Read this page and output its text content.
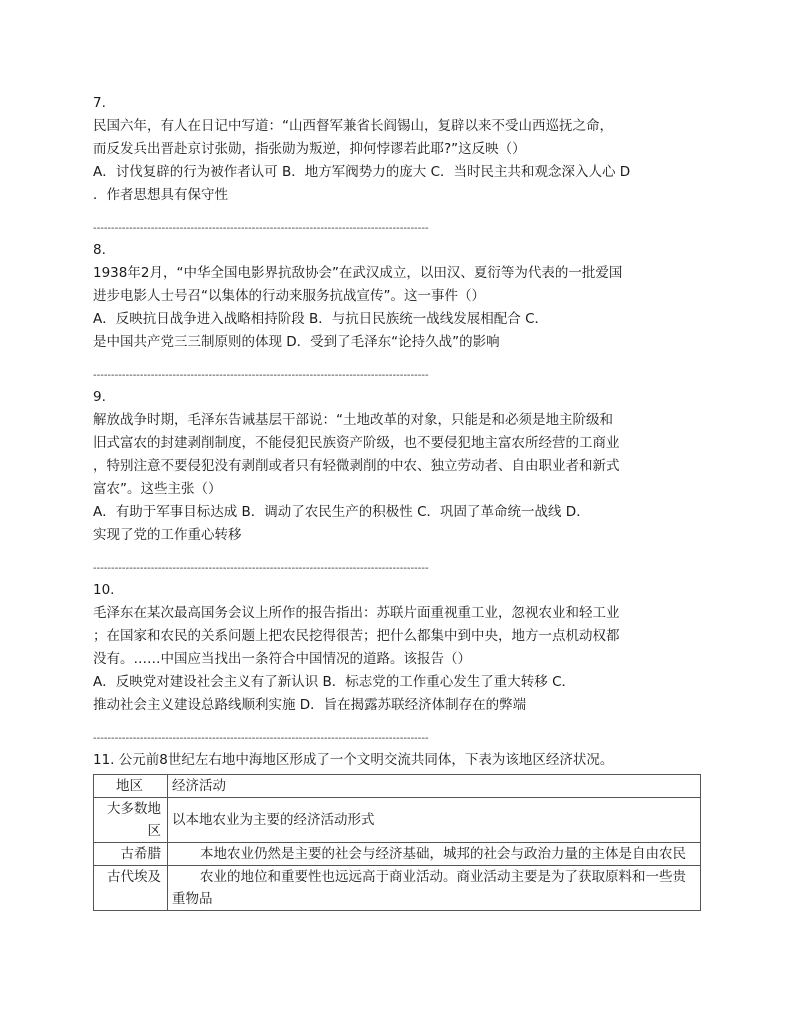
7.
民国六年，有人在日记中写道：“山西督军兼省长阎锡山，复辟以来不受山西巡抚之命，
而反发兵出晋赴京讨张勋，指张勋为叛逆，抑何悖谬若此耶?”这反映（）
A．讨伐复辟的行为被作者认可 B．地方军阀势力的庞大 C．当时民主共和观念深入人心 D
．作者思想具有保守性
---------------------------------------------------------------------------------------------
8.
1938年2月，“中华全国电影界抗敌协会”在武汉成立，以田汉、夏衍等为代表的一批爱国
进步电影人士号召“以集体的行动来服务抗战宣传”。这一事件（）
A．反映抗日战争进入战略相持阶段 B．与抗日民族统一战线发展相配合 C．
是中国共产党三三制原则的体现 D．受到了毛泽东“论持久战”的影响
---------------------------------------------------------------------------------------------
9.
解放战争时期，毛泽东告诫基层干部说：“土地改革的对象，只能是和必须是地主阶级和
旧式富农的封建剥削制度，不能侵犯民族资产阶级，也不要侵犯地主富农所经营的工商业
，特别注意不要侵犯没有剥削或者只有轻微剥削的中农、独立劳动者、自由职业者和新式
富农”。这些主张（）
A．有助于军事目标达成 B．调动了农民生产的积极性 C．巩固了革命统一战线 D．
实现了党的工作重心转移
---------------------------------------------------------------------------------------------
10.
毛泽东在某次最高国务会议上所作的报告指出：苏联片面重视重工业，忽视农业和轻工业
；在国家和农民的关系问题上把农民挖得很苦；把什么都集中到中央，地方一点机动权都
没有。……中国应当找出一条符合中国情况的道路。该报告（）
A．反映党对建设社会主义有了新认识 B．标志党的工作重心发生了重大转移 C．
推动社会主义建设总路线顺利实施 D．旨在揭露苏联经济体制存在的弊端
---------------------------------------------------------------------------------------------
11. 公元前8世纪左右地中海地区形成了一个文明交流共同体，下表为该地区经济状况。
地区	经济活动
大多数地区	以本地农业为主要的经济活动形式
古希腊	本地农业仍然是主要的社会与经济基础，城邦的社会与政治力量的主体是自由农民
古代埃及	农业的地位和重要性也远远高于商业活动。商业活动主要是为了获取原料和一些贵重物品
